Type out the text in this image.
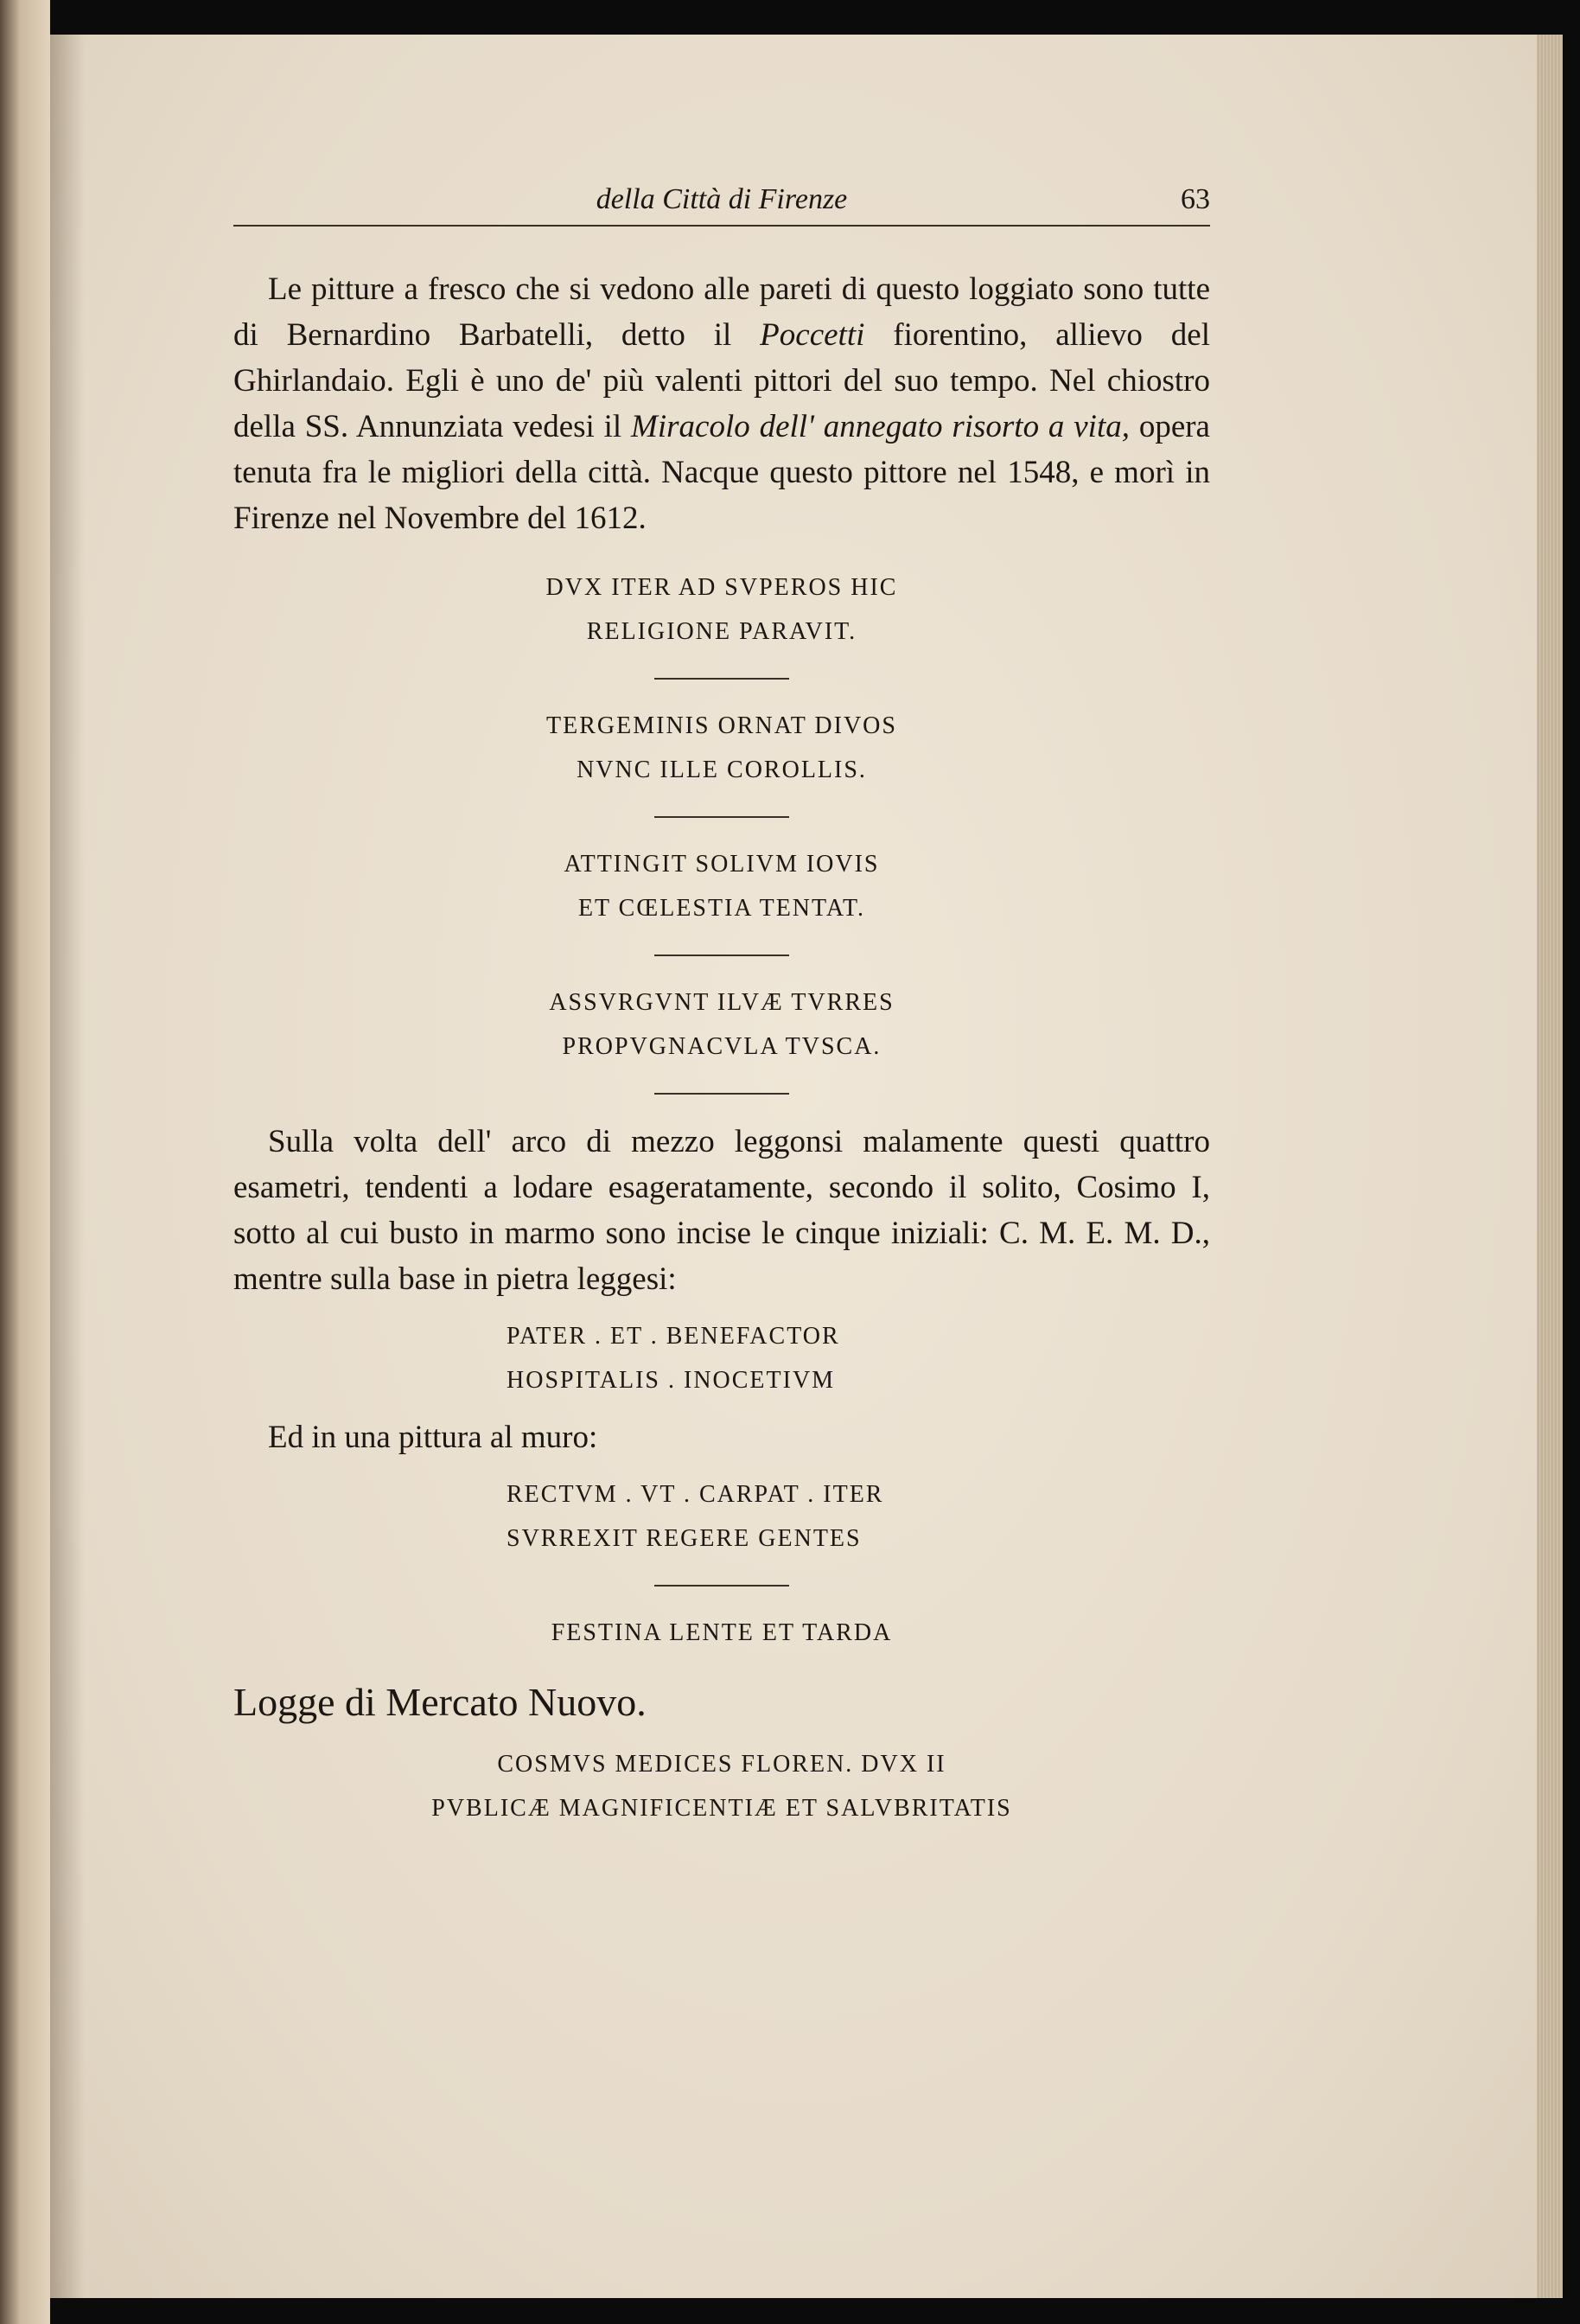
della Città di Firenze	63

Le pitture a fresco che si vedono alle pareti di questo loggiato sono tutte di Bernardino Barbatelli, detto il Poccetti fiorentino, allievo del Ghirlandaio. Egli è uno de' più valenti pittori del suo tempo. Nel chiostro della SS. Annunziata vedesi il Miracolo dell' annegato risorto a vita, opera tenuta fra le migliori della città. Nacque questo pittore nel 1548, e morì in Firenze nel Novembre del 1612.

DVX ITER AD SVPEROS HIC
RELIGIONE PARAVIT.
TERGEMINIS ORNAT DIVOS
NVNC ILLE COROLLIS.
ATTINGIT SOLIVM IOVIS
ET CŒLESTIA TENTAT.
ASSVRGVNT ILVÆ TVRRES
PROPVGNACVLA TVSCA.

Sulla volta dell' arco di mezzo leggonsi malamente questi quattro esametri, tendenti a lodare esageratamente, secondo il solito, Cosimo I, sotto al cui busto in marmo sono incise le cinque iniziali: C. M. E. M. D., mentre sulla base in pietra leggesi:

PATER . ET . BENEFACTOR
HOSPITALIS . INOCETIVM

Ed in una pittura al muro:

RECTVM . VT . CARPAT . ITER
SVRREXIT REGERE GENTES
FESTINA LENTE ET TARDA
Logge di Mercato Nuovo.
COSMVS MEDICES FLOREN. DVX II
PVBLICÆ MAGNIFICENTIÆ ET SALVBRITATIS
